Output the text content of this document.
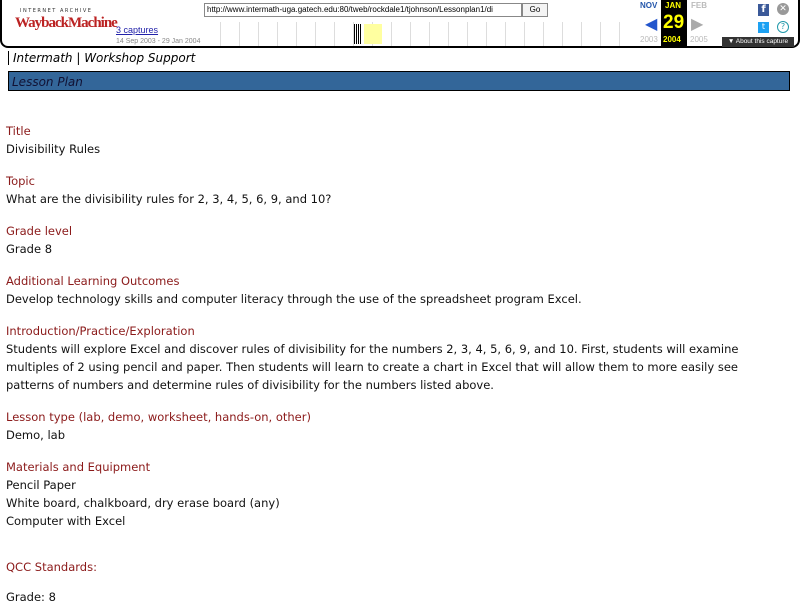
INTERNET ARCHIVE
WaybackMachine 3 captures
14 Sep 2003 - 29 Jan 2004
http://www.intermath-uga.gatech.edu:80/tweb/rockdale1/tjohnson/Lessonplan1/di	Go	NOV JAN
29
2004
FEB
◀ ▶
2003	2005
f	✕
t	?
▼ About this capture
Intermath | Workshop Support
Lesson Plan
Title
Divisibility Rules
Topic
What are the divisibility rules for 2, 3, 4, 5, 6, 9, and 10?
Grade level
Grade 8
Additional Learning Outcomes
Develop technology skills and computer literacy through the use of the spreadsheet program Excel.
Introduction/Practice/Exploration
Students will explore Excel and discover rules of divisibility for the numbers 2, 3, 4, 5, 6, 9, and 10. First, students will examine
multiples of 2 using pencil and paper. Then students will learn to create a chart in Excel that will allow them to more easily see
patterns of numbers and determine rules of divisibility for the numbers listed above.
Lesson type (lab, demo, worksheet, hands-on, other)
Demo, lab
Materials and Equipment
Pencil Paper
White board, chalkboard, dry erase board (any)
Computer with Excel
QCC Standards:
Grade: 8
